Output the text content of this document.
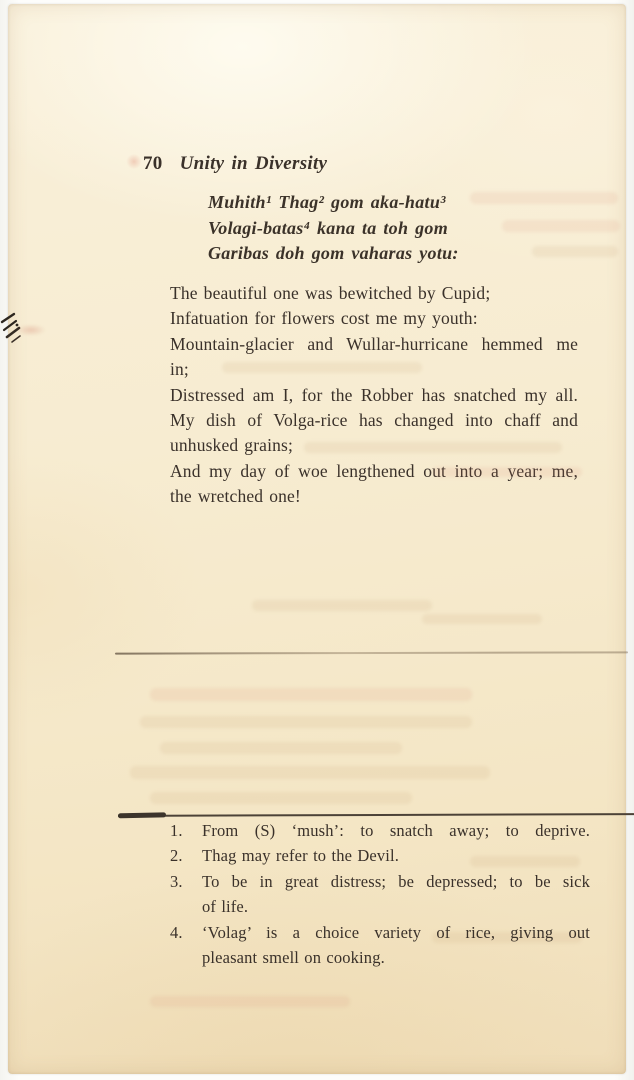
70 Unity in Diversity
Muhith¹ Thag² gom aka-hatu³
Volagi-batas⁴ kana ta toh gom
Garibas doh gom vaharas yotu:
The beautiful one was bewitched by Cupid;
Infatuation for flowers cost me my youth:
Mountain-glacier and Wullar-hurricane hemmed me
in;
Distressed am I, for the Robber has snatched my all.
My dish of Volga-rice has changed into chaff and
unhusked grains;
And my day of woe lengthened out into a year; me,
the wretched one!
1.	From (S) ‘mush’: to snatch away; to deprive.
2.	Thag may refer to the Devil.
3.	To be in great distress; be depressed; to be sick
of life.
4.	‘Volag’ is a choice variety of rice, giving out
pleasant smell on cooking.
